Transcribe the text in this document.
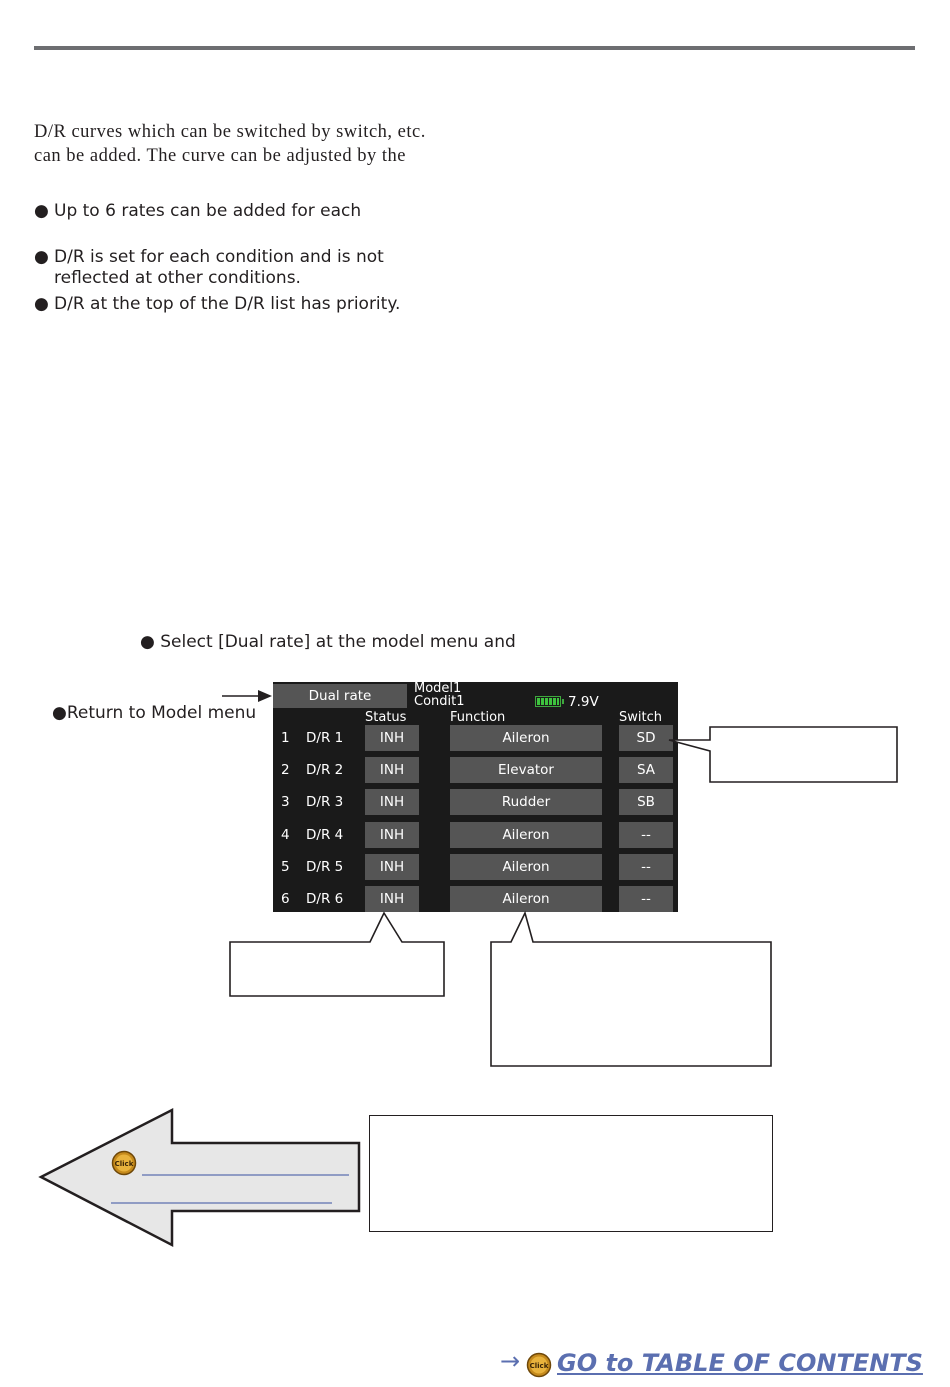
D/R curves which can be switched by switch, etc.
can be added. The curve can be adjusted by the
● Up to 6 rates can be added for each
● D/R is set for each condition and is not
reflected at other conditions.
● D/R at the top of the D/R list has priority.
● Select [Dual rate] at the model menu and
●Return to Model menu
Dual rate	Model1
Condit1	7.9V
Status	Function	Switch
1 D/R 1	INH	Aileron	SD
2 D/R 2	INH	Elevator	SA
3 D/R 3	INH	Rudder	SB
4 D/R 4	INH	Aileron	--
5 D/R 5	INH	Aileron	--
6 D/R 6	INH	Aileron	--
Click
→ Click GO to TABLE OF CONTENTS
